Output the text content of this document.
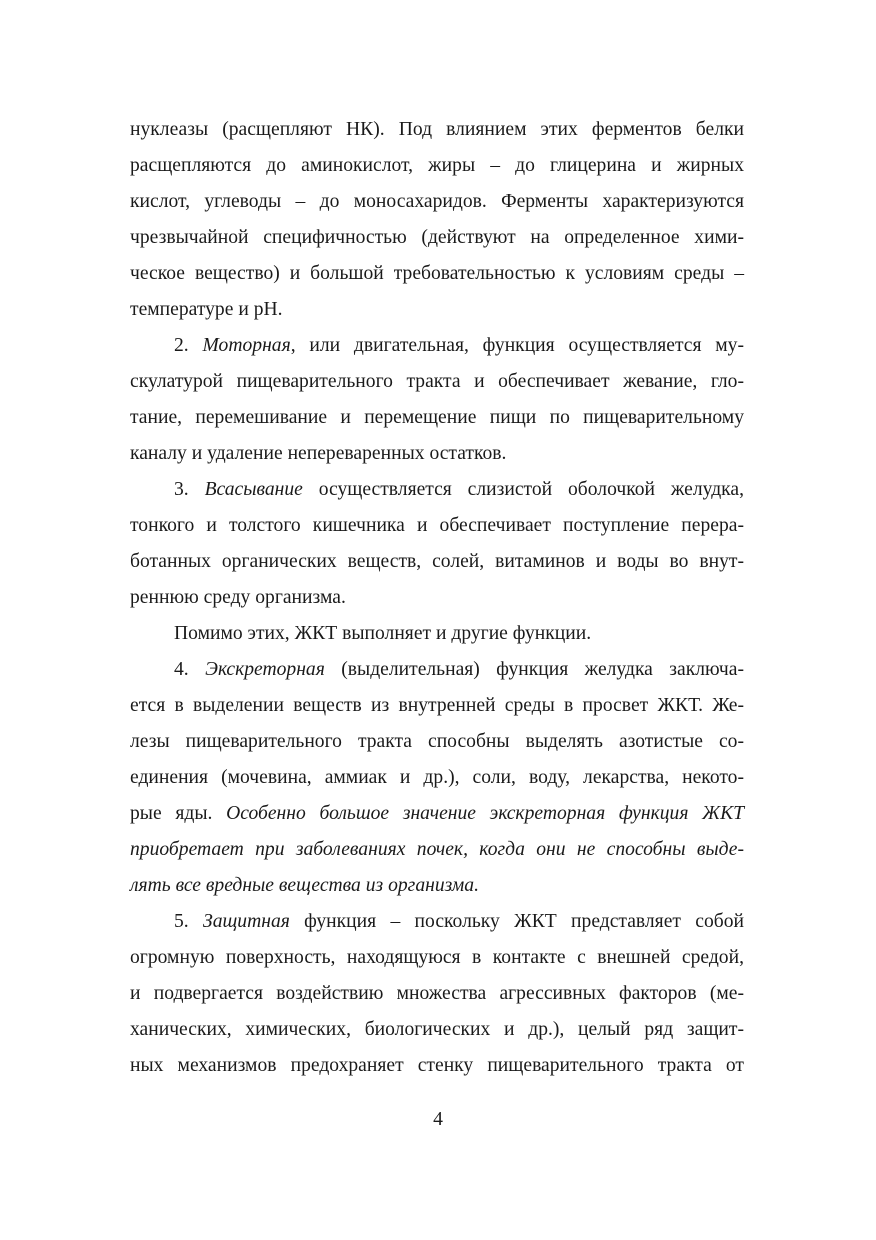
нуклеазы (расщепляют НК). Под влиянием этих ферментов белки
расщепляются до аминокислот, жиры – до глицерина и жирных
кислот, углеводы – до моносахаридов. Ферменты характеризуются
чрезвычайной специфичностью (действуют на определенное хими-
ческое вещество) и большой требовательностью к условиям среды –
температуре и рН.
2. Моторная, или двигательная, функция осуществляется му-
скулатурой пищеварительного тракта и обеспечивает жевание, гло-
тание, перемешивание и перемещение пищи по пищеварительному
каналу и удаление непереваренных остатков.
3. Всасывание осуществляется слизистой оболочкой желудка,
тонкого и толстого кишечника и обеспечивает поступление перера-
ботанных органических веществ, солей, витаминов и воды во внут-
реннюю среду организма.
Помимо этих, ЖКТ выполняет и другие функции.
4. Экскреторная (выделительная) функция желудка заключа-
ется в выделении веществ из внутренней среды в просвет ЖКТ. Же-
лезы пищеварительного тракта способны выделять азотистые со-
единения (мочевина, аммиак и др.), соли, воду, лекарства, некото-
рые яды. Особенно большое значение экскреторная функция ЖКТ
приобретает при заболеваниях почек, когда они не способны выде-
лять все вредные вещества из организма.
5. Защитная функция – поскольку ЖКТ представляет собой
огромную поверхность, находящуюся в контакте с внешней средой,
и подвергается воздействию множества агрессивных факторов (ме-
ханических, химических, биологических и др.), целый ряд защит-
ных механизмов предохраняет стенку пищеварительного тракта от
4
